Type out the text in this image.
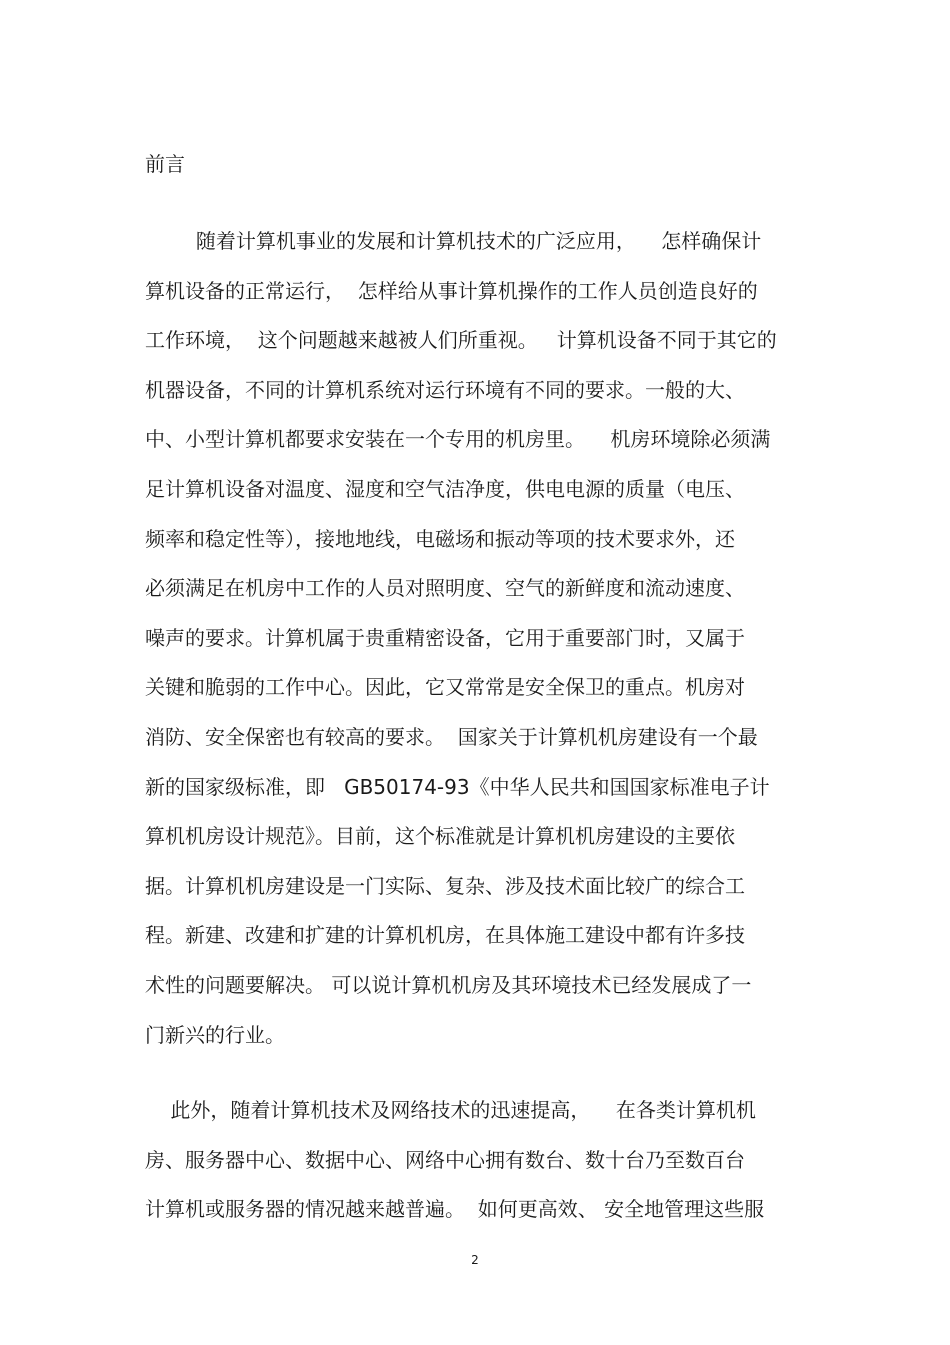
前言
随着计算机事业的发展和计算机技术的广泛应用，    怎样确保计
算机设备的正常运行，  怎样给从事计算机操作的工作人员创造良好的
工作环境，  这个问题越来越被人们所重视。   计算机设备不同于其它的
机器设备，不同的计算机系统对运行环境有不同的要求。一般的大、
中、小型计算机都要求安装在一个专用的机房里。    机房环境除必须满
足计算机设备对温度、湿度和空气洁净度，供电电源的质量（电压、
频率和稳定性等），接地地线，电磁场和振动等项的技术要求外，还
必须满足在机房中工作的人员对照明度、空气的新鲜度和流动速度、
噪声的要求。计算机属于贵重精密设备，它用于重要部门时，又属于
关键和脆弱的工作中心。因此，它又常常是安全保卫的重点。机房对
消防、安全保密也有较高的要求。  国家关于计算机机房建设有一个最
新的国家级标准，即   GB50174-93《中华人民共和国国家标准电子计
算机机房设计规范》。目前，这个标准就是计算机机房建设的主要依
据。计算机机房建设是一门实际、复杂、涉及技术面比较广的综合工
程。新建、改建和扩建的计算机机房，在具体施工建设中都有许多技
术性的问题要解决。 可以说计算机机房及其环境技术已经发展成了一
门新兴的行业。
此外，随着计算机技术及网络技术的迅速提高，    在各类计算机机
房、服务器中心、数据中心、网络中心拥有数台、数十台乃至数百台
计算机或服务器的情况越来越普遍。  如何更高效、 安全地管理这些服
2
